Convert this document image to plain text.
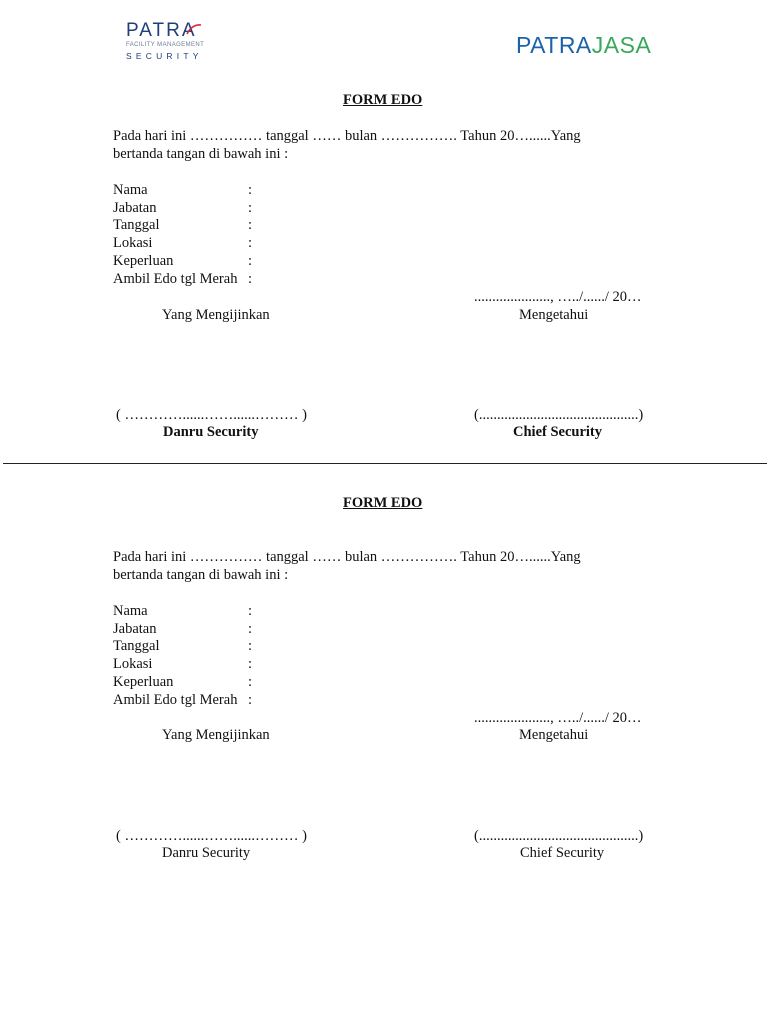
PATRA
FACILITY MANAGEMENT
SECURITY	PATRAJASA
FORM EDO
Pada hari ini …………… tanggal …… bulan ……………. Tahun 20…......Yang
bertanda tangan di bawah ini :
Nama	:
Jabatan	:
Tanggal	:
Lokasi	:
Keperluan	:
Ambil Edo tgl Merah :
....................., …../....../ 20…
Yang Mengijinkan	Mengetahui
( …………......……......……… )	(............................................)
Danru Security	Chief Security
FORM EDO
Pada hari ini …………… tanggal …… bulan ……………. Tahun 20…......Yang
bertanda tangan di bawah ini :
Nama	:
Jabatan	:
Tanggal	:
Lokasi	:
Keperluan	:
Ambil Edo tgl Merah :
....................., …../....../ 20…
Yang Mengijinkan	Mengetahui
( …………......……......……… )	(............................................)
Danru Security	Chief Security
